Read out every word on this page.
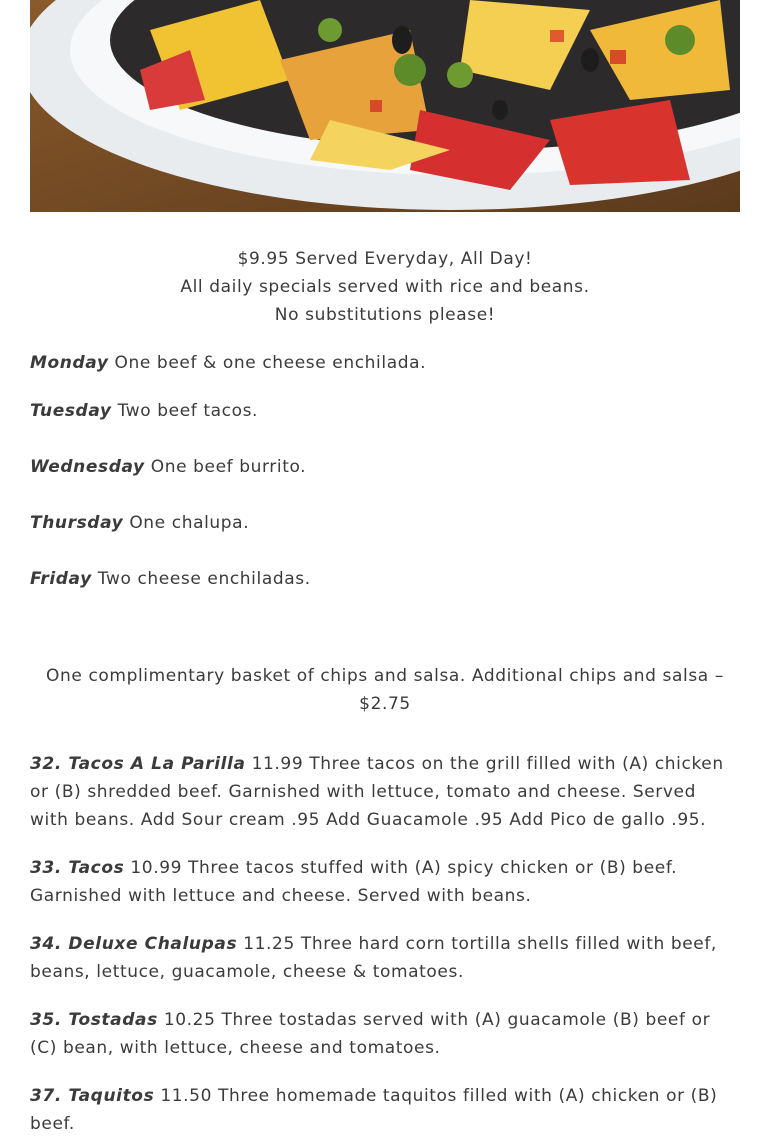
$9.95 Served Everyday, All Day!
All daily specials served with rice and beans.
No substitutions please!
Monday One beef & one cheese enchilada.
Tuesday Two beef tacos.
Wednesday One beef burrito.
Thursday One chalupa.
Friday Two cheese enchiladas.
One complimentary basket of chips and salsa. Additional chips and salsa – $2.75
32. Tacos A La Parilla 11.99 Three tacos on the grill filled with (A) chicken or (B) shredded beef. Garnished with lettuce, tomato and cheese. Served with beans. Add Sour cream .95 Add Guacamole .95 Add Pico de gallo .95.
33. Tacos 10.99 Three tacos stuffed with (A) spicy chicken or (B) beef. Garnished with lettuce and cheese. Served with beans.
34. Deluxe Chalupas 11.25 Three hard corn tortilla shells filled with beef, beans, lettuce, guacamole, cheese & tomatoes.
35. Tostadas 10.25 Three tostadas served with (A) guacamole (B) beef or (C) bean, with lettuce, cheese and tomatoes.
37. Taquitos 11.50 Three homemade taquitos filled with (A) chicken or (B) beef.
